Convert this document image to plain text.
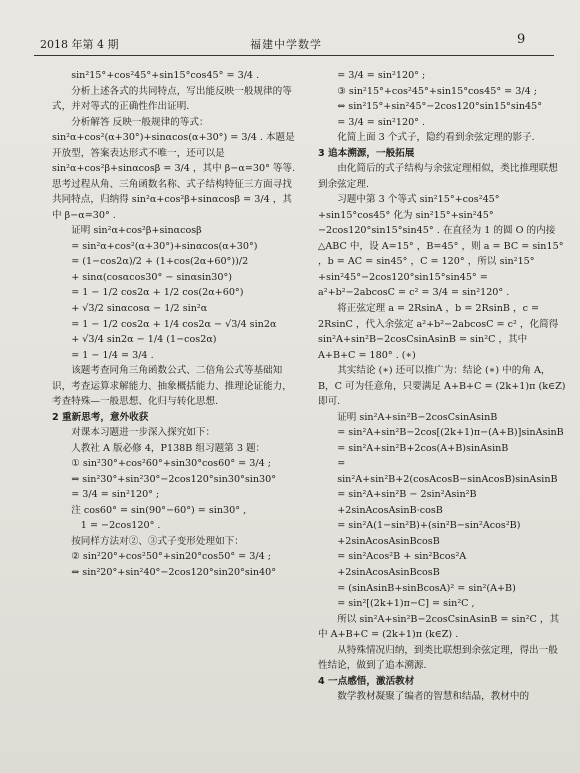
2018 年第 4 期	福建中学数学	9

sin²15°+cos²45°+sin15°cos45° = 3/4 .

分析上述各式的共同特点，写出能反映一般规律的等式，并对等式的正确性作出证明.

分析解答 反映一般规律的等式：sin²α+cos²(α+30°)+sinαcos(α+30°) = 3/4 . 本题是开放型，答案表达形式不唯一，还可以是 sin²α+cos²β+sinαcosβ = 3/4 ，其中 β−α=30° 等等. 思考过程从角、三角函数名称、式子结构特征三方面寻找共同特点，归纳得 sin²α+cos²β+sinαcosβ = 3/4 ，其中 β−α=30° .

证明 sin²α+cos²β+sinαcosβ

= sin²α+cos²(α+30°)+sinαcos(α+30°)

= (1−cos2α)/2 + (1+cos(2α+60°))/2

+ sinα(cosαcos30° − sinαsin30°)

= 1 − 1/2 cos2α + 1/2 cos(2α+60°)

+ √3/2 sinαcosα − 1/2 sin²α

= 1 − 1/2 cos2α + 1/4 cos2α − √3/4 sin2α

+ √3/4 sin2α − 1/4 (1−cos2α)

= 1 − 1/4 = 3/4 .

该题考查同角三角函数公式、二倍角公式等基础知识，考查运算求解能力、抽象概括能力、推理论证能力，考查特殊—一般思想、化归与转化思想.

2 重新思考，意外收获

对课本习题进一步深入探究如下：

人教社 A 版必修 4，P138B 组习题第 3 题：

① sin²30°+cos²60°+sin30°cos60° = 3/4 ;

⇔ sin²30°+sin²30°−2cos120°sin30°sin30°

= 3/4 = sin²120° ;

注 cos60° = sin(90°−60°) = sin30° ,

1 = −2cos120° .

按同样方法对②、③式子变形处理如下：

② sin²20°+cos²50°+sin20°cos50° = 3/4 ;

⇔ sin²20°+sin²40°−2cos120°sin20°sin40°

= 3/4 = sin²120° ;

③ sin²15°+cos²45°+sin15°cos45° = 3/4 ;

⇔ sin²15°+sin²45°−2cos120°sin15°sin45°

= 3/4 = sin²120° .

化简上面 3 个式子，隐约看到余弦定理的影子.

3 追本溯源，一般拓展

由化简后的式子结构与余弦定理相似，类比推理联想到余弦定理.

习题中第 3 个等式 sin²15°+cos²45°+sin15°cos45° 化为 sin²15°+sin²45°−2cos120°sin15°sin45° . 在直径为 1 的圆 O 的内接 △ABC 中，设 A=15° ，B=45° ，则 a = BC = sin15° ，b = AC = sin45° ，C = 120° ，所以 sin²15°+sin²45°−2cos120°sin15°sin45° = a²+b²−2abcosC = c² = 3/4 = sin²120° .

将正弦定理 a = 2RsinA ，b = 2RsinB ，c = 2RsinC ，代入余弦定 a²+b²−2abcosC = c² ，化简得 sin²A+sin²B−2cosCsinAsinB = sin²C ，其中 A+B+C = 180° . (∗)

其实结论 (∗) 还可以推广为：结论 (∗) 中的角 A，B，C 可为任意角，只要满足 A+B+C = (2k+1)π (k∈Z) 即可.

证明 sin²A+sin²B−2cosCsinAsinB

= sin²A+sin²B−2cos[(2k+1)π−(A+B)]sinAsinB

= sin²A+sin²B+2cos(A+B)sinAsinB

= sin²A+sin²B+2(cosAcosB−sinAcosB)sinAsinB

= sin²A+sin²B − 2sin²Asin²B

+2sinAcosAsinB·cosB

= sin²A(1−sin²B)+(sin²B−sin²Acos²B)

+2sinAcosAsinBcosB

= sin²Acos²B + sin²Bcos²A

+2sinAcosAsinBcosB

= (sinAsinB+sinBcosA)² = sin²(A+B)

= sin²[(2k+1)π−C] = sin²C ,

所以 sin²A+sin²B−2cosCsinAsinB = sin²C ，其中 A+B+C = (2k+1)π (k∈Z) .

从特殊情况归纳，到类比联想到余弦定理，得出一般性结论，做到了追本溯源.

4 一点感悟，激活教材

数学教材凝聚了编者的智慧和结晶，教材中的
